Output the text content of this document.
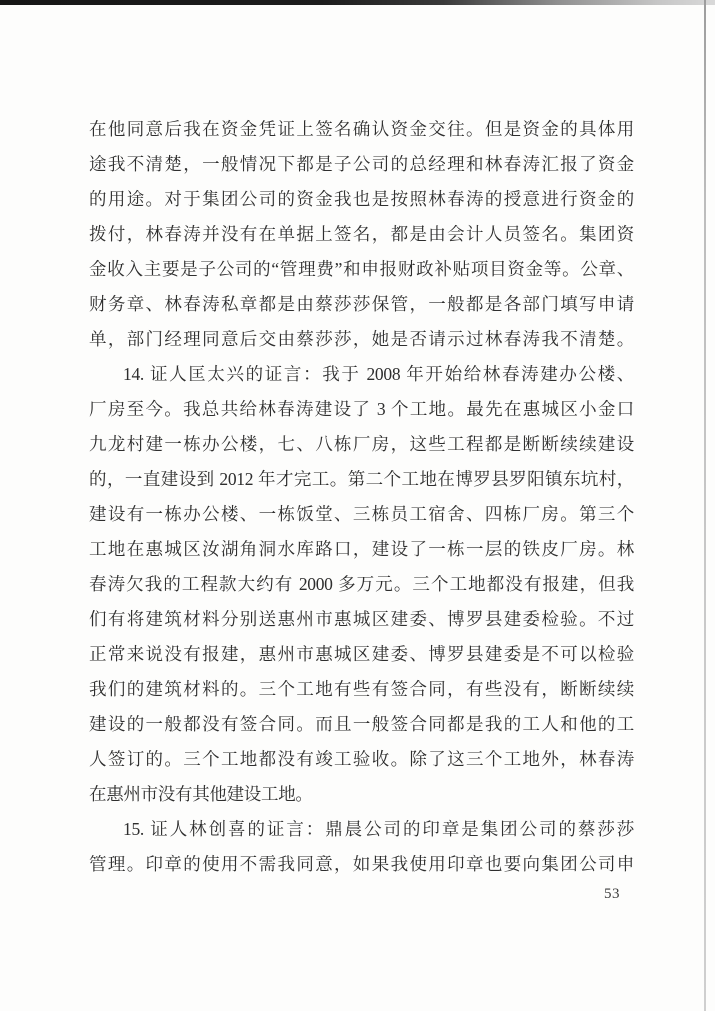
在他同意后我在资金凭证上签名确认资金交往。但是资金的具体用
途我不清楚，一般情况下都是子公司的总经理和林春涛汇报了资金
的用途。对于集团公司的资金我也是按照林春涛的授意进行资金的
拨付，林春涛并没有在单据上签名，都是由会计人员签名。集团资
金收入主要是子公司的“管理费”和申报财政补贴项目资金等。公章、
财务章、林春涛私章都是由蔡莎莎保管，一般都是各部门填写申请
单，部门经理同意后交由蔡莎莎，她是否请示过林春涛我不清楚。
14. 证人匡太兴的证言：我于 2008 年开始给林春涛建办公楼、
厂房至今。我总共给林春涛建设了 3 个工地。最先在惠城区小金口
九龙村建一栋办公楼，七、八栋厂房，这些工程都是断断续续建设
的，一直建设到 2012 年才完工。第二个工地在博罗县罗阳镇东坑村，
建设有一栋办公楼、一栋饭堂、三栋员工宿舍、四栋厂房。第三个
工地在惠城区汝湖角洞水库路口，建设了一栋一层的铁皮厂房。林
春涛欠我的工程款大约有 2000 多万元。三个工地都没有报建，但我
们有将建筑材料分别送惠州市惠城区建委、博罗县建委检验。不过
正常来说没有报建，惠州市惠城区建委、博罗县建委是不可以检验
我们的建筑材料的。三个工地有些有签合同，有些没有，断断续续
建设的一般都没有签合同。而且一般签合同都是我的工人和他的工
人签订的。三个工地都没有竣工验收。除了这三个工地外，林春涛
在惠州市没有其他建设工地。
15. 证人林创喜的证言：鼎晨公司的印章是集团公司的蔡莎莎
管理。印章的使用不需我同意，如果我使用印章也要向集团公司申
53
